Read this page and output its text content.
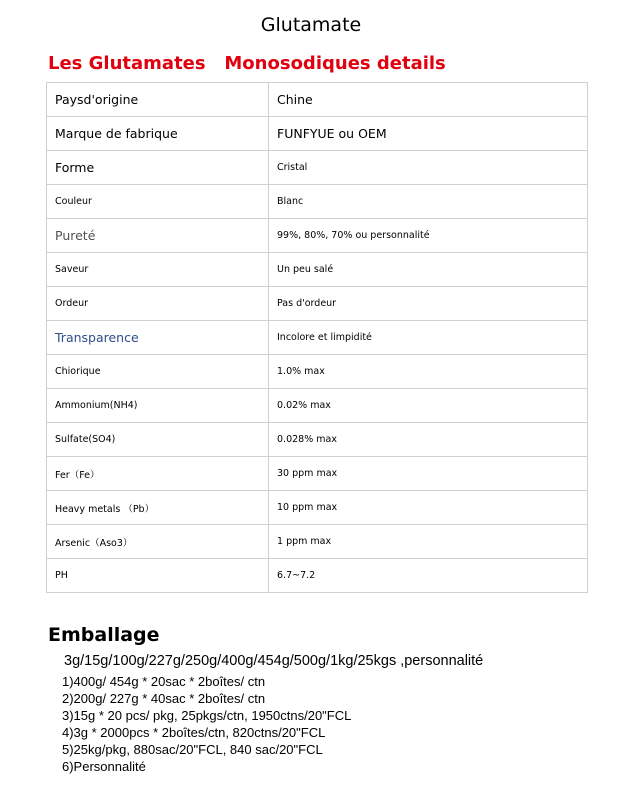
Glutamate
Les Glutamates   Monosodiques details
Paysd'origine	Chine
Marque de fabrique	FUNFYUE ou OEM
Forme	Cristal
Couleur	Blanc
Pureté	99%, 80%, 70% ou personnalité
Saveur	Un peu salé
Ordeur	Pas d'ordeur
Transparence	Incolore et limpidité
Chiorique	1.0% max
Ammonium(NH4)	0.02% max
Sulfate(SO4)	0.028% max
Fer（Fe）	30 ppm max
Heavy metals （Pb）	10 ppm max
Arsenic（Aso3）	1 ppm max
PH	6.7~7.2
Emballage
3g/15g/100g/227g/250g/400g/454g/500g/1kg/25kgs ,personnalité
1)400g/ 454g * 20sac * 2boîtes/ ctn
2)200g/ 227g * 40sac * 2boîtes/ ctn
3)15g * 20 pcs/ pkg, 25pkgs/ctn, 1950ctns/20"FCL
4)3g * 2000pcs * 2boîtes/ctn, 820ctns/20"FCL
5)25kg/pkg, 880sac/20"FCL, 840 sac/20"FCL
6)Personnalité
